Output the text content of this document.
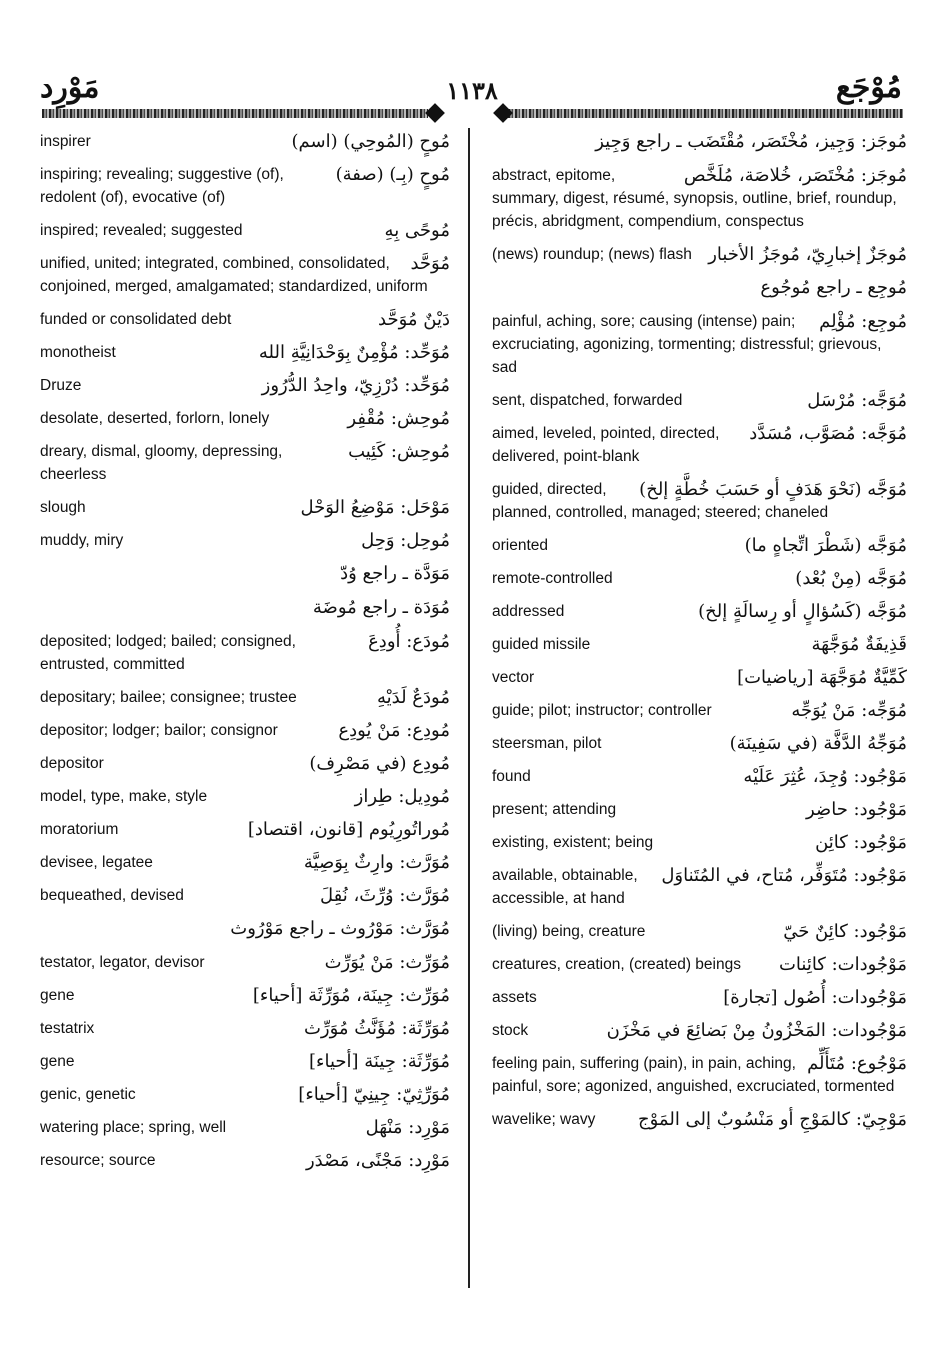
مَوْرِد	١١٣٨	مُوْجَع
مُوحٍ (المُوحِي) (اسم)
inspirer
مُوحٍ (بِـ) (صفة)
inspiring; revealing; suggestive (of), redolent (of), evocative (of)
مُوحًى بِهِ
inspired; revealed; suggested
مُوَحَّد
unified, united; integrated, combined, consolidated, conjoined, merged, amalgamated; standardized, uniform
دَيْنٌ مُوَحَّد
funded or consolidated debt
مُوَحِّد: مُؤْمِنٌ بِوَحْدَانِيَّةِ الله
monotheist
مُوَحِّد: دُرْزِيّ، واحِدُ الدُّرُوز
Druze
مُوحِش: مُقْفِر
desolate, deserted, forlorn, lonely
مُوحِش: كَئِيب
dreary, dismal, gloomy, depressing, cheerless
مَوْحَل: مَوْضِعُ الوَحْل
slough
مُوحِل: وَحِل
muddy, miry
مَوَدَّة ـ راجع وُدّ
مُوَدَة ـ راجع مُوضَة
مُودَع: أُودِعَ
deposited; lodged; bailed; consigned, entrusted, committed
مُودَعٌ لَدَيْهِ
depositary; bailee; consignee; trustee
مُودِع: مَنْ يُودِع
depositor; lodger; bailor; consignor
مُودِع (في مَصْرِف)
depositor
مُودِيل: طِراز
model, type, make, style
مُوراتُورِيُوم [قانون، اقتصاد]
moratorium
مُوَرَّث: وارِثٌ بِوَصِيَّة
devisee, legatee
مُوَرَّث: وُرِّثَ، نُقِلَ
bequeathed, devised
مُوَرَّث: مَوْرُوث ـ راجع مَوْرُوث
مُوَرِّث: مَنْ يُوَرِّث
testator, legator, devisor
مُوَرِّث: جِينَة، مُوَرِّثَة [أحياء]
gene
مُوَرِّثَة: مُؤَنَّثُ مُوَرِّث
testatrix
مُوَرِّثَة: جِينَة [أحياء]
gene
مُوَرِّثِيّ: جِينِيّ [أحياء]
genic, genetic
مَوْرِد: مَنْهَل
watering place; spring, well
مَوْرِد: مَجْنًى، مَصْدَر
resource; source
مُوجَز: وَجِيز، مُخْتَصَر، مُقْتَضَب ـ راجع وَجِيز
مُوجَز: مُخْتَصَر، خُلاصَة، مُلَخَّص
abstract, epitome, summary, digest, résumé, synopsis, outline, brief, roundup, précis, abridgment, compendium, conspectus
مُوجَزٌ إخبارِيّ، مُوجَزُ الأخبار
(news) roundup; (news) flash
مُوجِع ـ راجع مُوجُوع
مُوجِع: مُؤْلِم
painful, aching, sore; causing (intense) pain; excruciating, agonizing, tormenting; distressful; grievous, sad
مُوَجَّه: مُرْسَل
sent, dispatched, forwarded
مُوَجَّه: مُصَوَّب، مُسَدَّد
aimed, leveled, pointed, directed, delivered, point-blank
مُوَجَّه (نَحْوَ هَدَفٍ أو حَسَبَ خُطَّةٍ إلخ)
guided, directed, planned, controlled, managed; steered; chaneled
مُوَجَّه (شَطْرَ اتِّجاهٍ ما)
oriented
مُوَجَّه (مِنْ بُعْد)
remote-controlled
مُوَجَّه (كَسُؤالٍ أو رِسالَةٍ إلخ)
addressed
قَذِيفَةٌ مُوَجَّهَة
guided missile
كَمِّيَّةٌ مُوَجَّهَة [رياضيات]
vector
مُوَجِّه: مَنْ يُوَجِّه
guide; pilot; instructor; controller
مُوَجِّهُ الدَّفَّة (في سَفِينَة)
steersman, pilot
مَوْجُود: وُجِدَ، عُثِرَ عَلَيْه
found
مَوْجُود: حاضِر
present; attending
مَوْجُود: كائِن
existing, existent; being
مَوْجُود: مُتَوَفِّر، مُتاح، في المُتَناوَل
available, obtainable, accessible, at hand
مَوْجُود: كائِنٌ حَيّ
(living) being, creature
مَوْجُودات: كائِنات
creatures, creation, (created) beings
مَوْجُودات: أُصُول [تجارة]
assets
مَوْجُودات: المَخْزُونُ مِنْ بَضائِعَ في مَخْزَن
stock
مَوْجُوع: مُتَأَلِّم
feeling pain, suffering (pain), in pain, aching, painful, sore; agonized, anguished, excruciated, tormented
مَوْجِيّ: كالمَوْجِ أو مَنْسُوبٌ إلى المَوْج
wavelike; wavy
